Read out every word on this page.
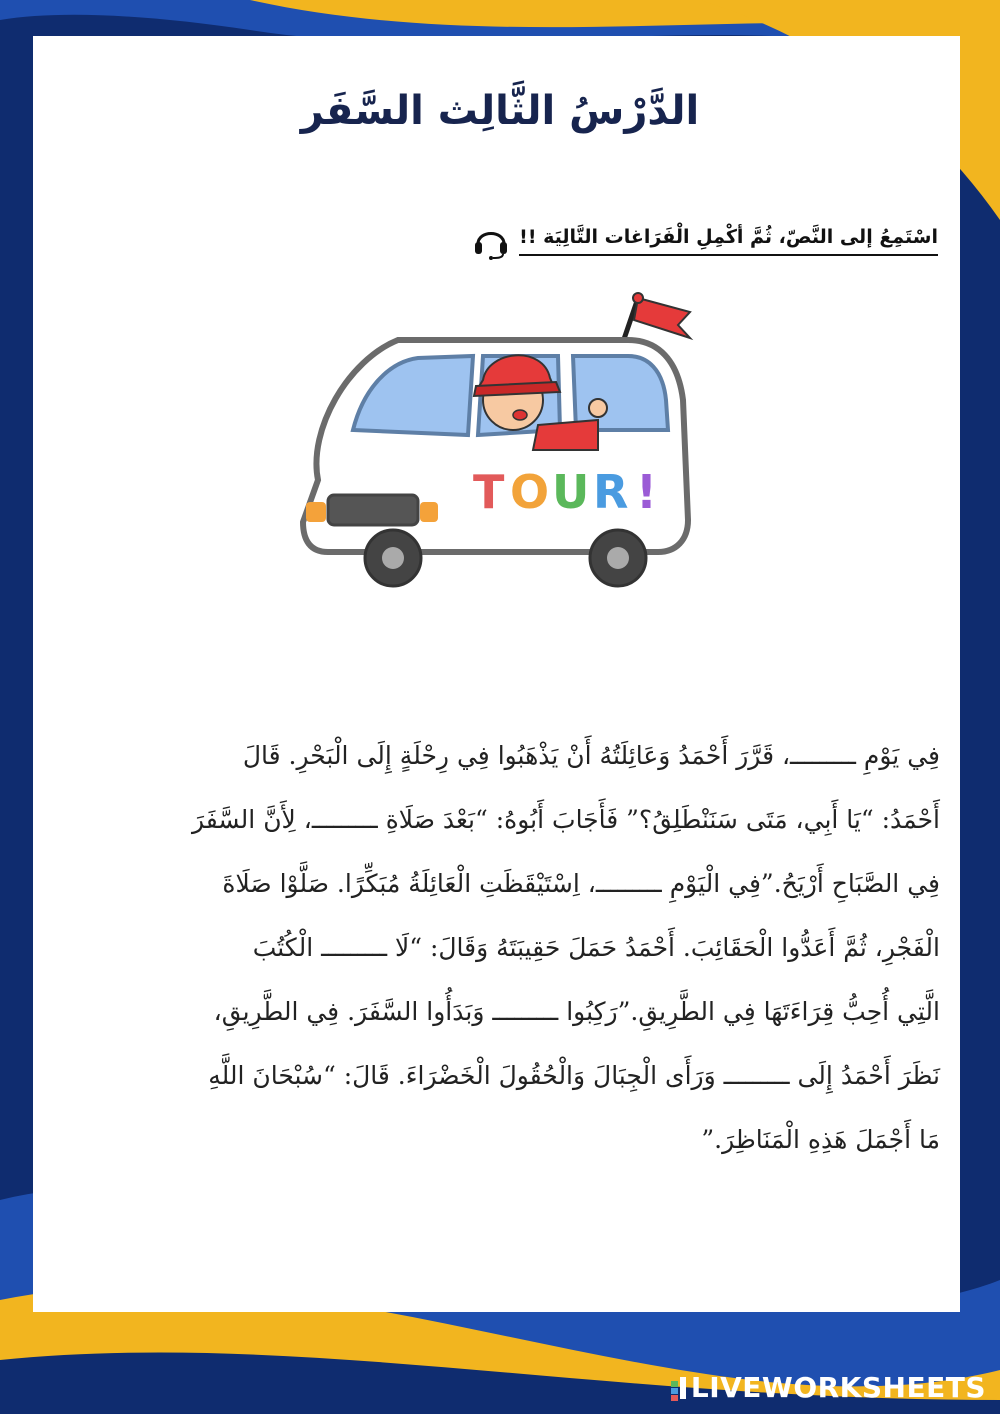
الدَّرْسُ الثَّالِث السَّفَر
اسْتَمِعُ إلى النَّصّ، ثُمَّ أكْمِلِ الْفَرَاغات التَّالِيَة !!
T O U R !

فِي يَوْمِ ـــــــــ، قَرَّرَ أَحْمَدُ وَعَائِلَتُهُ أَنْ يَذْهَبُوا فِي رِحْلَةٍ إِلَى الْبَحْرِ. قَالَ

أَحْمَدُ: “يَا أَبِي، مَتَى سَنَنْطَلِقُ؟” فَأَجَابَ أَبُوهُ: “بَعْدَ صَلَاةِ ـــــــــ، لِأَنَّ السَّفَرَ

فِي الصَّبَاحِ أَرْيَحُ.”فِي الْيَوْمِ ـــــــــ، اِسْتَيْقَظَتِ الْعَائِلَةُ مُبَكِّرًا. صَلَّوْا صَلَاةَ

الْفَجْرِ، ثُمَّ أَعَدُّوا الْحَقَائِبَ. أَحْمَدُ حَمَلَ حَقِيبَتَهُ وَقَالَ: “لَا ـــــــــ الْكُتُبَ

الَّتِي أُحِبُّ قِرَاءَتَهَا فِي الطَّرِيقِ.”رَكِبُوا ـــــــــ وَبَدَأُوا السَّفَرَ. فِي الطَّرِيقِ،

نَظَرَ أَحْمَدُ إِلَى ـــــــــ وَرَأَى الْجِبَالَ وَالْحُقُولَ الْخَضْرَاءَ. قَالَ: “سُبْحَانَ اللَّهِ

مَا أَجْمَلَ هَذِهِ الْمَنَاظِرَ.”

LIVEWORKSHEETS
